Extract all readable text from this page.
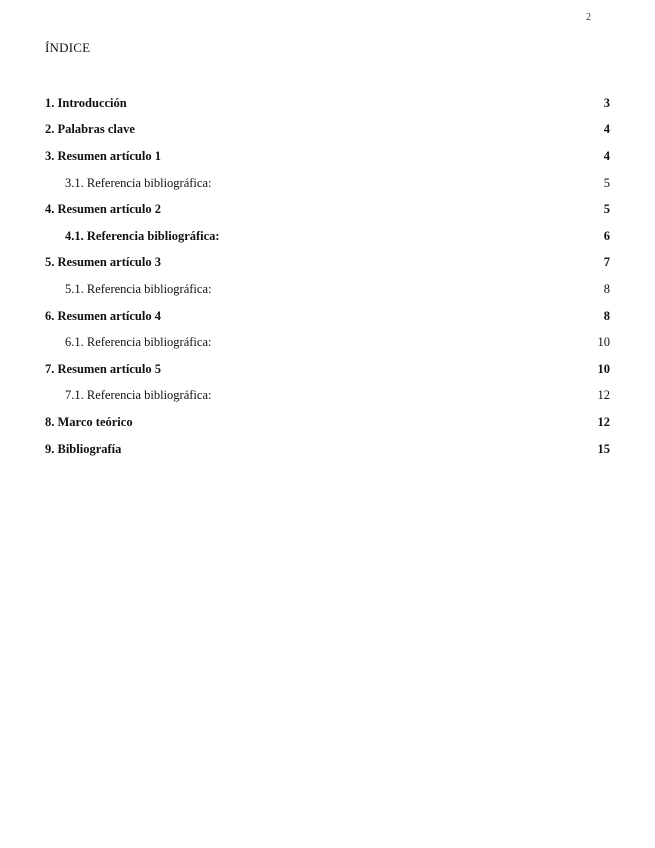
2
ÍNDICE
1. Introducción	3
2. Palabras clave	4
3. Resumen artículo 1	4
3.1. Referencia bibliográfica:	5
4. Resumen artículo 2	5
4.1. Referencia bibliográfica:	6
5. Resumen artículo 3	7
5.1. Referencia bibliográfica:	8
6. Resumen artículo 4	8
6.1. Referencia bibliográfica:	10
7. Resumen artículo 5	10
7.1. Referencia bibliográfica:	12
8. Marco teórico	12
9. Bibliografía	15
